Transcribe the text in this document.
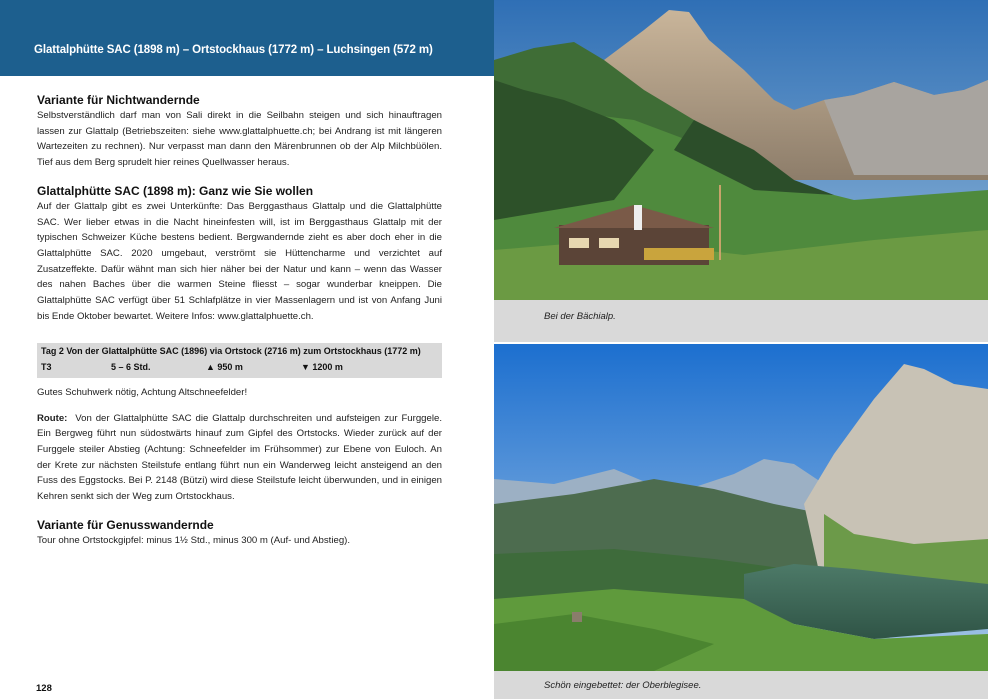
Glattalphütte SAC (1898 m) – Ortstockhaus (1772 m) – Luchsingen (572 m)
Variante für Nichtwandernde

Selbstverständlich darf man von Sali direkt in die Seilbahn steigen und sich hinauftragen lassen zur Glattalp (Betriebszeiten: siehe www.glattalphuette.ch; bei Andrang ist mit längeren Wartezeiten zu rechnen). Nur verpasst man dann den Märenbrunnen ob der Alp Milchbüölen. Tief aus dem Berg sprudelt hier reines Quellwasser heraus.

Glattalphütte SAC (1898 m): Ganz wie Sie wollen

Auf der Glattalp gibt es zwei Unterkünfte: Das Berggasthaus Glattalp und die Glattalphütte SAC. Wer lieber etwas in die Nacht hineinfesten will, ist im Berggasthaus Glattalp mit der typischen Schweizer Küche bestens bedient. Bergwandernde zieht es aber doch eher in die Glattalphütte SAC. 2020 umgebaut, verströmt sie Hüttencharme und verzichtet auf Zusatzeffekte. Dafür wähnt man sich hier näher bei der Natur und kann – wenn das Wasser des nahen Baches über die warmen Steine fliesst – sogar wunderbar kneippen. Die Glattalphütte SAC verfügt über 51 Schlafplätze in vier Massenlagern und ist von Anfang Juni bis Ende Oktober bewartet. Weitere Infos: www.glattalphuette.ch.

Tag 2 Von der Glattalphütte SAC (1896) via Ortstock (2716 m) zum Ortstockhaus (1772 m)
T3	5 – 6 Std.	▲ 950 m	▼ 1200 m

Gutes Schuhwerk nötig, Achtung Altschneefelder!

Route: Von der Glattalphütte SAC die Glattalp durchschreiten und aufsteigen zur Furggele. Ein Bergweg führt nun südostwärts hinauf zum Gipfel des Ortstocks. Wieder zurück auf der Furggele steiler Abstieg (Achtung: Schneefelder im Frühsommer) zur Ebene von Euloch. An der Krete zur nächsten Steilstufe entlang führt nun ein Wanderweg leicht ansteigend an den Fuss des Eggstocks. Bei P. 2148 (Bützi) wird diese Steilstufe leicht überwunden, und in einigen Kehren senkt sich der Weg zum Ortstockhaus.

Variante für Genusswandernde

Tour ohne Ortstockgipfel: minus 1½ Std., minus 300 m (Auf- und Abstieg).

128
Bei der Bächialp.
Schön eingebettet: der Oberblegisee.
